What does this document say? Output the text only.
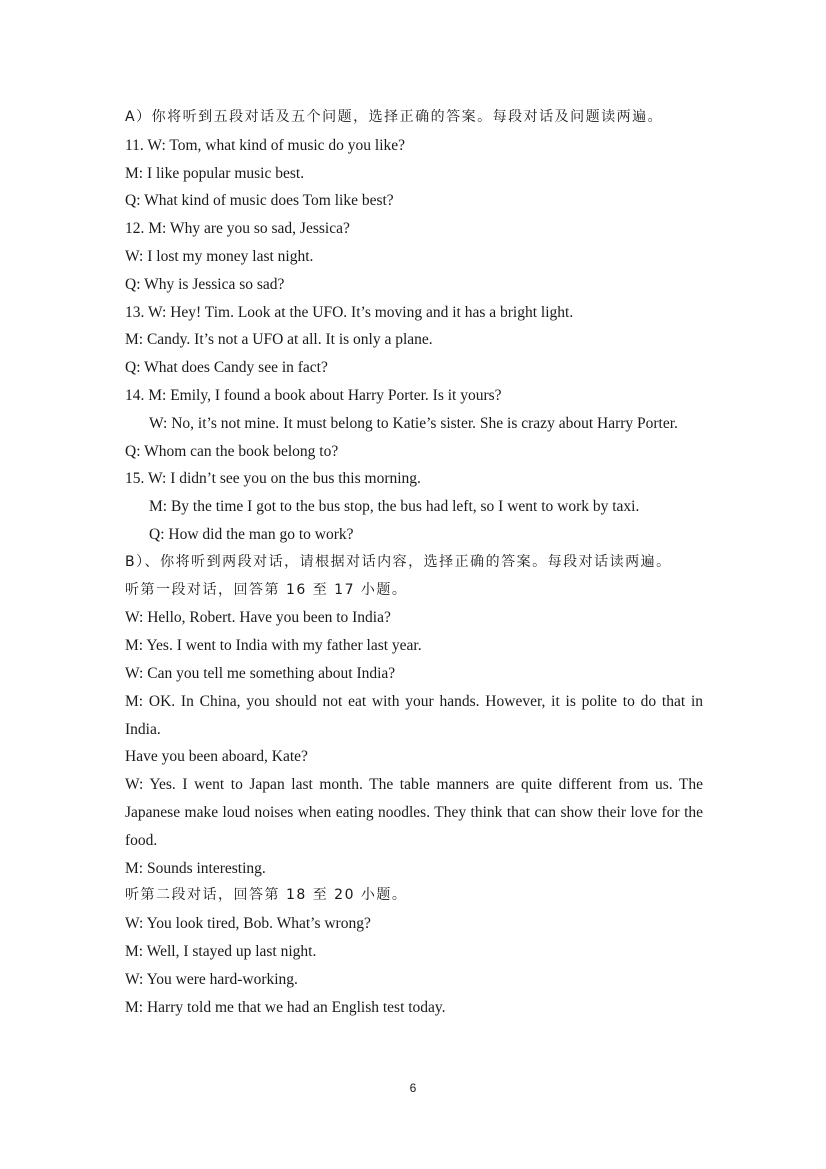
A）你将听到五段对话及五个问题，选择正确的答案。每段对话及问题读两遍。

11. W: Tom, what kind of music do you like?

M: I like popular music best.

Q: What kind of music does Tom like best?

12. M: Why are you so sad, Jessica?

W: I lost my money last night.

Q: Why is Jessica so sad?

13. W: Hey! Tim. Look at the UFO. It’s moving and it has a bright light.

M: Candy. It’s not a UFO at all. It is only a plane.

Q: What does Candy see in fact?

14. M: Emily, I found a book about Harry Porter. Is it yours?

W: No, it’s not mine. It must belong to Katie’s sister. She is crazy about Harry Porter.

Q: Whom can the book belong to?

15. W: I didn’t see you on the bus this morning.

M: By the time I got to the bus stop, the bus had left, so I went to work by taxi.

Q: How did the man go to work?

B）、你将听到两段对话，请根据对话内容，选择正确的答案。每段对话读两遍。

听第一段对话，回答第 16 至 17 小题。

W: Hello, Robert. Have you been to India?

M: Yes. I went to India with my father last year.

W: Can you tell me something about India?

M: OK. In China, you should not eat with your hands. However, it is polite to do that in India.

Have you been aboard, Kate?

W: Yes. I went to Japan last month. The table manners are quite different from us. The Japanese make loud noises when eating noodles. They think that can show their love for the food.

M: Sounds interesting.

听第二段对话，回答第 18 至 20 小题。

W: You look tired, Bob. What’s wrong?

M: Well, I stayed up last night.

W: You were hard-working.

M: Harry told me that we had an English test today.

6
